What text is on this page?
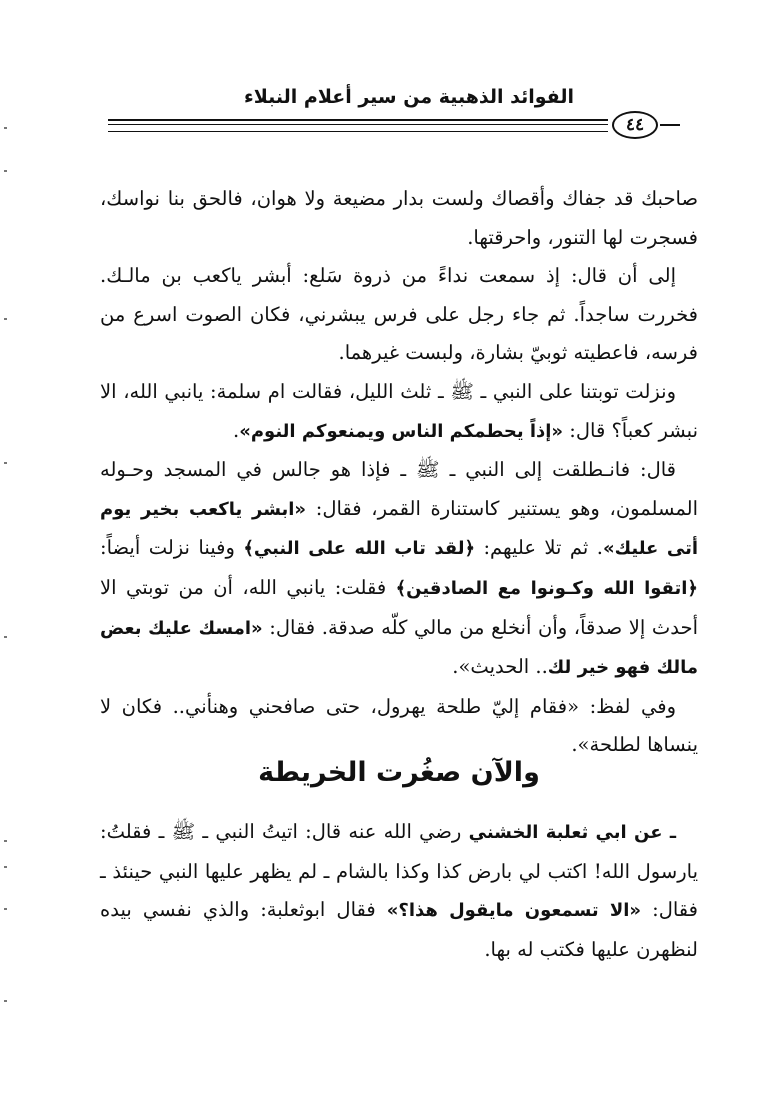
الفوائد الذهبية من سير أعلام النبلاء
٤٤

صاحبك قد جفاك وأقصاك ولست بدار مضيعة ولا هوان، فالحق بنا نواسك، فسجرت لها التنور، واحرقتها.

إلى أن قال: إذ سمعت نداءً من ذروة سَلع: أبشر ياكعب بن مالـك. فخررت ساجداً. ثم جاء رجل على فرس يبشرني، فكان الصوت اسرع من فرسه، فاعطيته ثوبيّ بشارة، ولبست غيرهما.

ونزلت توبتنا على النبي ـ ﷺ ـ ثلث الليل، فقالت ام سلمة: يانبي الله، الا نبشر كعباً؟ قال: «إذاً يحطمكم الناس ويمنعوكم النوم».

قال: فانـطلقت إلى النبي ـ ﷺ ـ فإذا هو جالس في المسجد وحـوله المسلمون، وهو يستنير كاستنارة القمر، فقال: «ابشر ياكعب بخير يوم أتى عليك». ثم تلا عليهم: ﴿لقد تاب الله على النبي﴾ وفينا نزلت أيضاً: ﴿اتقوا الله وكـونوا مع الصادقين﴾ فقلت: يانبي الله، أن من توبتي الا أحدث إلا صدقاً، وأن أنخلع من مالي كلّه صدقة. فقال: «امسك عليك بعض مالك فهو خير لك.. الحديث».

وفي لفظ: «فقام إليّ طلحة يهرول، حتى صافحني وهنأني.. فكان لا ينساها لطلحة».

والآن صغُرت الخريطة

ـ عن ابي ثعلبة الخشني رضي الله عنه قال: اتيتُ النبي ـ ﷺ ـ فقلتُ: يارسول الله! اكتب لي بارض كذا وكذا بالشام ـ لم يظهر عليها النبي حينئذ ـ فقال: «الا تسمعون مايقول هذا؟» فقال ابوثعلبة: والذي نفسي بيده لنظهرن عليها فكتب له بها.
